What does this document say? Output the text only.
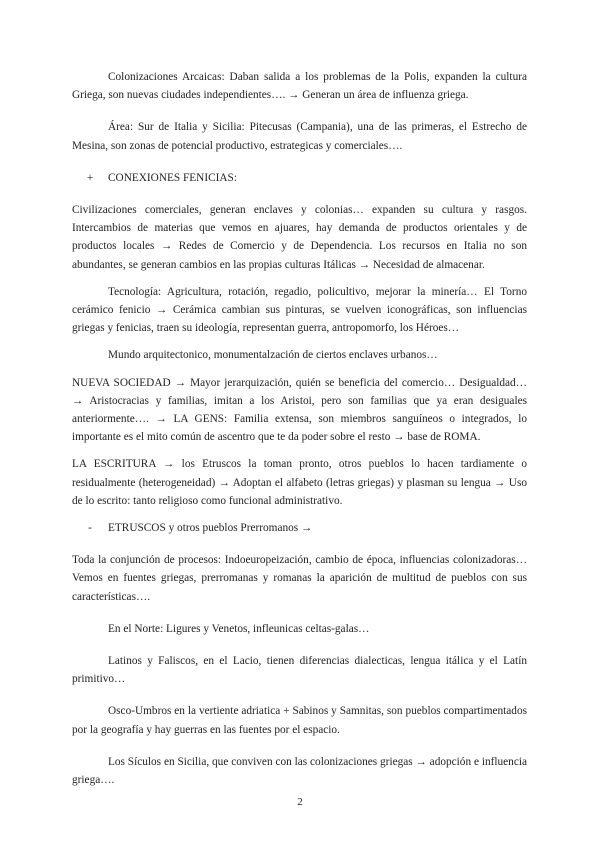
Colonizaciones Arcaicas: Daban salida a los problemas de la Polis, expanden la cultura Griega, son nuevas ciudades independientes…. → Generan un área de influenza griega.

Área: Sur de Italia y Sicilia: Pitecusas (Campania), una de las primeras, el Estrecho de Mesina, son zonas de potencial productivo, estrategicas y comerciales….

+	CONEXIONES FENICIAS:

Civilizaciones comerciales, generan enclaves y colonias… expanden su cultura y rasgos. Intercambios de materias que vemos en ajuares, hay demanda de productos orientales y de productos locales → Redes de Comercio y de Dependencia. Los recursos en Italia no son abundantes, se generan cambios en las propias culturas Itálicas → Necesidad de almacenar.

Tecnología: Agricultura, rotación, regadio, policultivo, mejorar la minería… El Torno cerámico fenicio → Cerámica cambian sus pinturas, se vuelven iconográficas, son influencias griegas y fenicias, traen su ideología, representan guerra, antropomorfo, los Héroes…

Mundo arquitectonico, monumentalzación de ciertos enclaves urbanos…

NUEVA SOCIEDAD → Mayor jerarquización, quién se beneficia del comercio… Desigualdad… → Aristocracias y familias, imitan a los Aristoi, pero son familias que ya eran desiguales anteriormente…. → LA GENS: Familia extensa, son miembros sanguíneos o integrados, lo importante es el mito común de ascentro que te da poder sobre el resto → base de ROMA.

LA ESCRITURA → los Etruscos la toman pronto, otros pueblos lo hacen tardiamente o residualmente (heterogeneidad) → Adoptan el alfabeto (letras griegas) y plasman su lengua → Uso de lo escrito: tanto religioso como funcional administrativo.

-	ETRUSCOS y otros pueblos Prerromanos →

Toda la conjunción de procesos: Indoeuropeización, cambio de época, influencias colonizadoras… Vemos en fuentes griegas, prerromanas y romanas la aparición de multitud de pueblos con sus características….

En el Norte: Ligures y Venetos, infleunicas celtas-galas…

Latinos y Faliscos, en el Lacio, tienen diferencias dialecticas, lengua itálica y el Latín primitivo…

Osco-Umbros en la vertiente adriatica + Sabinos y Samnitas, son pueblos compartimentados por la geografía y hay guerras en las fuentes por el espacio.

Los Sículos en Sicilia, que conviven con las colonizaciones griegas → adopción e influencia griega….

2
